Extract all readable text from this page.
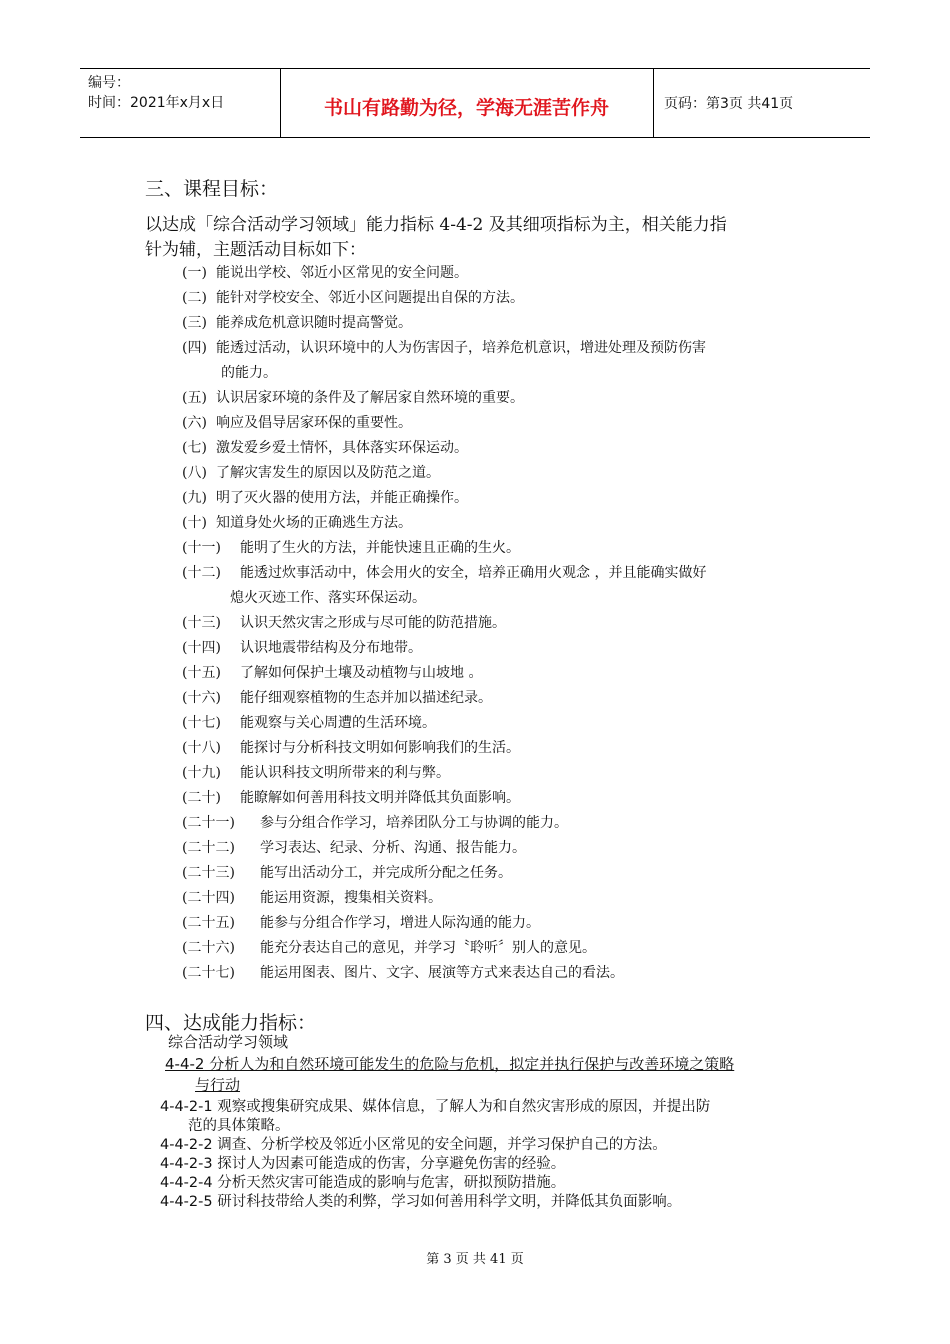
编号：
时间：2021年x月x日	书山有路勤为径，学海无涯苦作舟	页码：第3页 共41页
三、课程目标：
以达成「综合活动学习领域」能力指标 4-4-2 及其细项指标为主，相关能力指
针为辅，主题活动目标如下：
(一) 能说出学校、邻近小区常见的安全问题。
(二) 能针对学校安全、邻近小区问题提出自保的方法。
(三) 能养成危机意识随时提高警觉。
(四) 能透过活动，认识环境中的人为伤害因子，培养危机意识，增进处理及预防伤害
的能力。
(五) 认识居家环境的条件及了解居家自然环境的重要。
(六) 响应及倡导居家环保的重要性。
(七) 激发爱乡爱土情怀，具体落实环保运动。
(八) 了解灾害发生的原因以及防范之道。
(九) 明了灭火器的使用方法，并能正确操作。
(十) 知道身处火场的正确逃生方法。
(十一) 能明了生火的方法，并能快速且正确的生火。
(十二) 能透过炊事活动中，体会用火的安全，培养正确用火观念 ，并且能确实做好
熄火灭迹工作、落实环保运动。
(十三) 认识天然灾害之形成与尽可能的防范措施。
(十四) 认识地震带结构及分布地带。
(十五) 了解如何保护土壤及动植物与山坡地 。
(十六) 能仔细观察植物的生态并加以描述纪录。
(十七) 能观察与关心周遭的生活环境。
(十八) 能探讨与分析科技文明如何影响我们的生活。
(十九) 能认识科技文明所带来的利与弊。
(二十) 能瞭解如何善用科技文明并降低其负面影响。
(二十一) 参与分组合作学习，培养团队分工与协调的能力。
(二十二) 学习表达、纪录、分析、沟通、报告能力。
(二十三) 能写出活动分工，并完成所分配之任务。
(二十四) 能运用资源，搜集相关资料。
(二十五) 能参与分组合作学习，增进人际沟通的能力。
(二十六) 能充分表达自己的意见，并学习〝聆听〞别人的意见。
(二十七) 能运用图表、图片、文字、展演等方式来表达自己的看法。
四、达成能力指标：
综合活动学习领域
4-4-2 分析人为和自然环境可能发生的危险与危机，拟定并执行保护与改善环境之策略
与行动
4-4-2-1 观察或搜集研究成果、媒体信息，了解人为和自然灾害形成的原因，并提出防
范的具体策略。
4-4-2-2 调查、分析学校及邻近小区常见的安全问题，并学习保护自己的方法。
4-4-2-3 探讨人为因素可能造成的伤害，分享避免伤害的经验。
4-4-2-4 分析天然灾害可能造成的影响与危害，研拟预防措施。
4-4-2-5 研讨科技带给人类的利弊，学习如何善用科学文明，并降低其负面影响。
第 3 页 共 41 页
